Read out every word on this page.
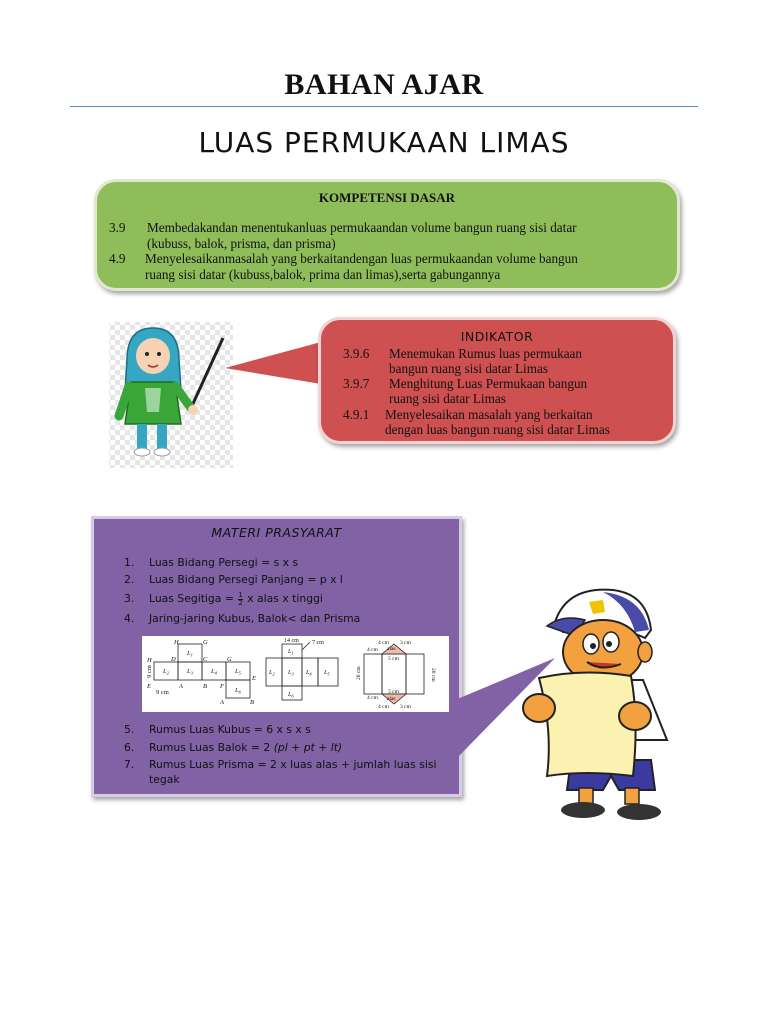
BAHAN AJAR
LUAS PERMUKAAN LIMAS
KOMPETENSI DASAR
3.9 Membedakandan menentukanluas permukaandan volume bangun ruang sisi datar
(kubuss, balok, prisma, dan prisma)
4.9 Menyelesaikanmasalah yang berkaitandengan luas permukaandan volume bangun
ruang sisi datar (kubuss,balok, prima dan limas),serta gabungannya
INDIKATOR
3.9.6 Menemukan Rumus luas permukaan
bangun ruang sisi datar Limas
3.9.7 Menghitung Luas Permukaan bangun
ruang sisi datar Limas
4.9.1 Menyelesaikan masalah yang berkaitan
dengan luas bangun ruang sisi datar Limas
MATERI PRASYARAT
1. Luas Bidang Persegi = s x s
2. Luas Bidang Persegi Panjang = p x l
3. Luas Segitiga = $\frac{1}{2}$ x alas x tinggi
4. Jaring-jaring Kubus, Balok< dan Prisma
H	G
H	D	C	G
E	A	B F
E
A	B
$L_1$
$L_2$	$L_3$	$L_4$	$L_5$
$L_6$
9 cm
9 cm
14 cm 7 cm
$L_1$
$L_2$ $L_3$ $L_4$ $L_5$
$L_6$
4 cm
4 cm 3 cm
alas
5 cm
5 cm
alas
4 cm
4 cm 3 cm
20 cm	20 cm
5. Rumus Luas Kubus = 6 x s x s
6. Rumus Luas Balok = 2 (pl + pt + lt)
7. Rumus Luas Prisma = 2 x luas alas + jumlah luas sisi
tegak
